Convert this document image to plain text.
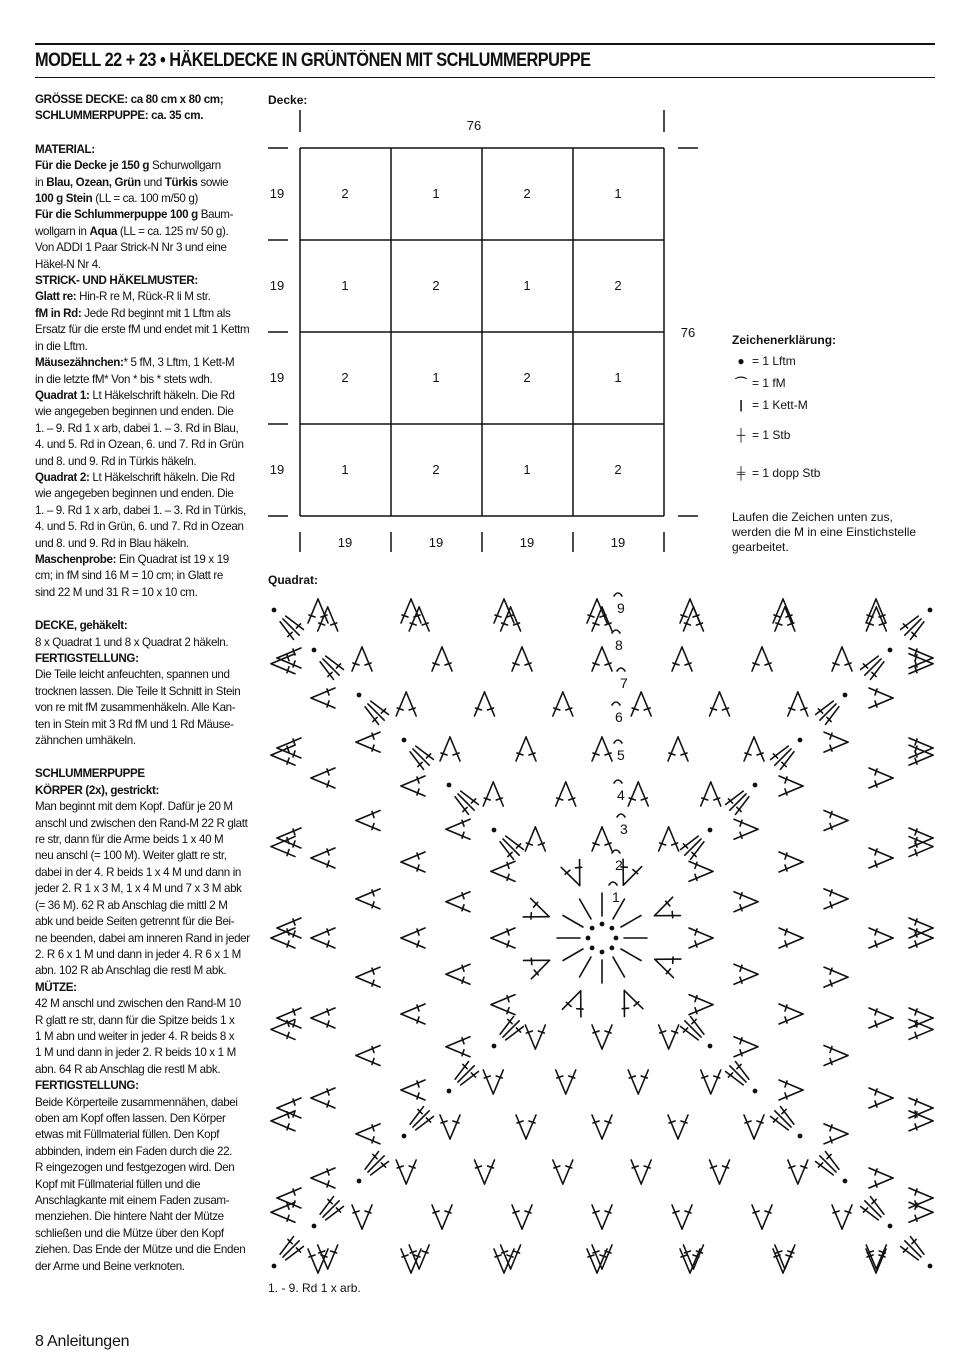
MODELL 22 + 23 • HÄKELDECKE IN GRÜNTÖNEN MIT SCHLUMMERPUPPE

GRÖSSE DECKE: ca 80 cm x 80 cm;

SCHLUMMERPUPPE: ca. 35 cm.

MATERIAL:

Für die Decke je 150 g Schurwollgarn

in Blau, Ozean, Grün und Türkis sowie

100 g Stein (LL = ca. 100 m/50 g)

Für die Schlummerpuppe 100 g Baum-

wollgarn in Aqua (LL = ca. 125 m/ 50 g).

Von ADDI 1 Paar Strick-N Nr 3 und eine

Häkel-N Nr 4.

STRICK- UND HÄKELMUSTER:

Glatt re: Hin-R re M, Rück-R li M str.

fM in Rd: Jede Rd beginnt mit 1 Lftm als

Ersatz für die erste fM und endet mit 1 Kettm

in die Lftm.

Mäusezähnchen:* 5 fM, 3 Lftm, 1 Kett-M

in die letzte fM* Von * bis * stets wdh.

Quadrat 1: Lt Häkelschrift häkeln. Die Rd

wie angegeben beginnen und enden. Die

1. – 9. Rd 1 x arb, dabei 1. – 3. Rd in Blau,

4. und 5. Rd in Ozean, 6. und 7. Rd in Grün

und 8. und 9. Rd in Türkis häkeln.

Quadrat 2: Lt Häkelschrift häkeln. Die Rd

wie angegeben beginnen und enden. Die

1. – 9. Rd 1 x arb, dabei 1. – 3. Rd in Türkis,

4. und 5. Rd in Grün, 6. und 7. Rd in Ozean

und 8. und 9. Rd in Blau häkeln.

Maschenprobe: Ein Quadrat ist 19 x 19

cm; in fM sind 16 M = 10 cm; in Glatt re

sind 22 M und 31 R = 10 x 10 cm.

DECKE, gehäkelt:

8 x Quadrat 1 und 8 x Quadrat 2 häkeln.

FERTIGSTELLUNG:

Die Teile leicht anfeuchten, spannen und

trocknen lassen. Die Teile lt Schnitt in Stein

von re mit fM zusammenhäkeln. Alle Kan-

ten in Stein mit 3 Rd fM und 1 Rd Mäuse-

zähnchen umhäkeln.

SCHLUMMERPUPPE

KÖRPER (2x), gestrickt:

Man beginnt mit dem Kopf. Dafür je 20 M

anschl und zwischen den Rand-M 22 R glatt

re str, dann für die Arme beids 1 x 40 M

neu anschl (= 100 M). Weiter glatt re str,

dabei in der 4. R beids 1 x 4 M und dann in

jeder 2. R 1 x 3 M, 1 x 4 M und 7 x 3 M abk

(= 36 M). 62 R ab Anschlag die mittl 2 M

abk und beide Seiten getrennt für die Bei-

ne beenden, dabei am inneren Rand in jeder

2. R 6 x 1 M und dann in jeder 4. R 6 x 1 M

abn. 102 R ab Anschlag die restl M abk.

MÜTZE:

42 M anschl und zwischen den Rand-M 10

R glatt re str, dann für die Spitze beids 1 x

1 M abn und weiter in jeder 4. R beids 8 x

1 M und dann in jeder 2. R beids 10 x 1 M

abn. 64 R ab Anschlag die restl M abk.

FERTIGSTELLUNG:

Beide Körperteile zusammennähen, dabei

oben am Kopf offen lassen. Den Körper

etwas mit Füllmaterial füllen. Den Kopf

abbinden, indem ein Faden durch die 22.

R eingezogen und festgezogen wird. Den

Kopf mit Füllmaterial füllen und die

Anschlagkante mit einem Faden zusam-

menziehen. Die hintere Naht der Mütze

schließen und die Mütze über den Kopf

ziehen. Das Ende der Mütze und die Enden

der Arme und Beine verknoten.

8 Anleitungen
Decke:
2	1	2	1
1	2	1	2
2	1	2	1
1	2	1	2
76
76
19
19
19
19
19	19	19	19
Zeichenerklärung:
● = 1 Lftm
⌒ = 1 fM
| = 1 Kett-M
┼ = 1 Stb
╪ = 1 dopp Stb
Laufen die Zeichen unten zus, werden die M in eine Einstichstelle gearbeitet.
Quadrat:
1
2
3
4
5
6
7
8
9
1. - 9. Rd 1 x arb.
